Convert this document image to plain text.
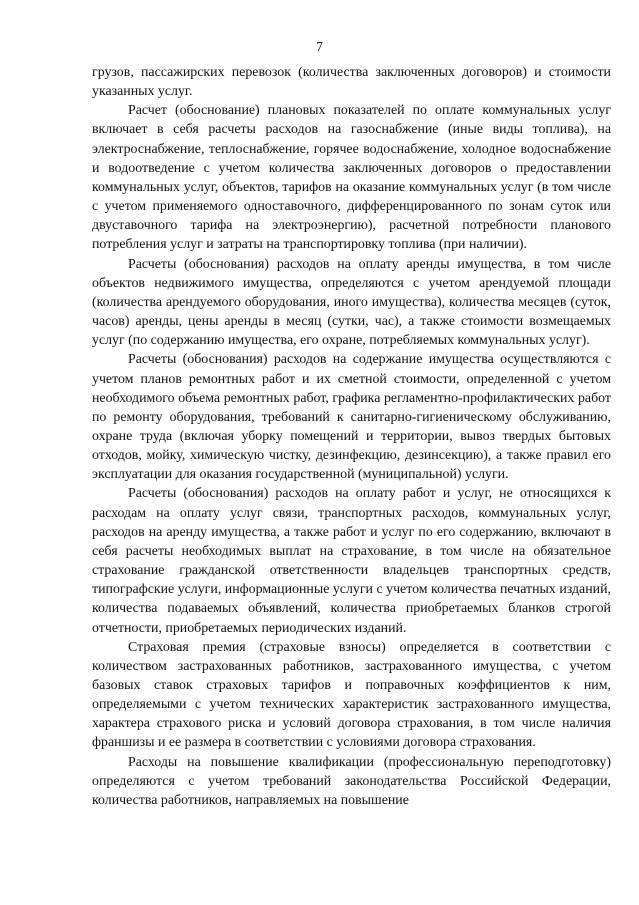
7

грузов, пассажирских перевозок (количества заключенных договоров) и стоимости указанных услуг.

Расчет (обоснование) плановых показателей по оплате коммунальных услуг включает в себя расчеты расходов на газоснабжение (иные виды топлива), на электроснабжение, теплоснабжение, горячее водоснабжение, холодное водоснабжение и водоотведение с учетом количества заключенных договоров о предоставлении коммунальных услуг, объектов, тарифов на оказание коммунальных услуг (в том числе с учетом применяемого одноставочного, дифференцированного по зонам суток или двуставочного тарифа на электроэнергию), расчетной потребности планового потребления услуг и затраты на транспортировку топлива (при наличии).

Расчеты (обоснования) расходов на оплату аренды имущества, в том числе объектов недвижимого имущества, определяются с учетом арендуемой площади (количества арендуемого оборудования, иного имущества), количества месяцев (суток, часов) аренды, цены аренды в месяц (сутки, час), а также стоимости возмещаемых услуг (по содержанию имущества, его охране, потребляемых коммунальных услуг).

Расчеты (обоснования) расходов на содержание имущества осуществляются с учетом планов ремонтных работ и их сметной стоимости, определенной с учетом необходимого объема ремонтных работ, графика регламентно-профилактических работ по ремонту оборудования, требований к санитарно-гигиеническому обслуживанию, охране труда (включая уборку помещений и территории, вывоз твердых бытовых отходов, мойку, химическую чистку, дезинфекцию, дезинсекцию), а также правил его эксплуатации для оказания государственной (муниципальной) услуги.

Расчеты (обоснования) расходов на оплату работ и услуг, не относящихся к расходам на оплату услуг связи, транспортных расходов, коммунальных услуг, расходов на аренду имущества, а также работ и услуг по его содержанию, включают в себя расчеты необходимых выплат на страхование, в том числе на обязательное страхование гражданской ответственности владельцев транспортных средств, типографские услуги, информационные услуги с учетом количества печатных изданий, количества подаваемых объявлений, количества приобретаемых бланков строгой отчетности, приобретаемых периодических изданий.

Страховая премия (страховые взносы) определяется в соответствии с количеством застрахованных работников, застрахованного имущества, с учетом базовых ставок страховых тарифов и поправочных коэффициентов к ним, определяемыми с учетом технических характеристик застрахованного имущества, характера страхового риска и условий договора страхования, в том числе наличия франшизы и ее размера в соответствии с условиями договора страхования.

Расходы на повышение квалификации (профессиональную переподготовку) определяются с учетом требований законодательства Российской Федерации, количества работников, направляемых на повышение
